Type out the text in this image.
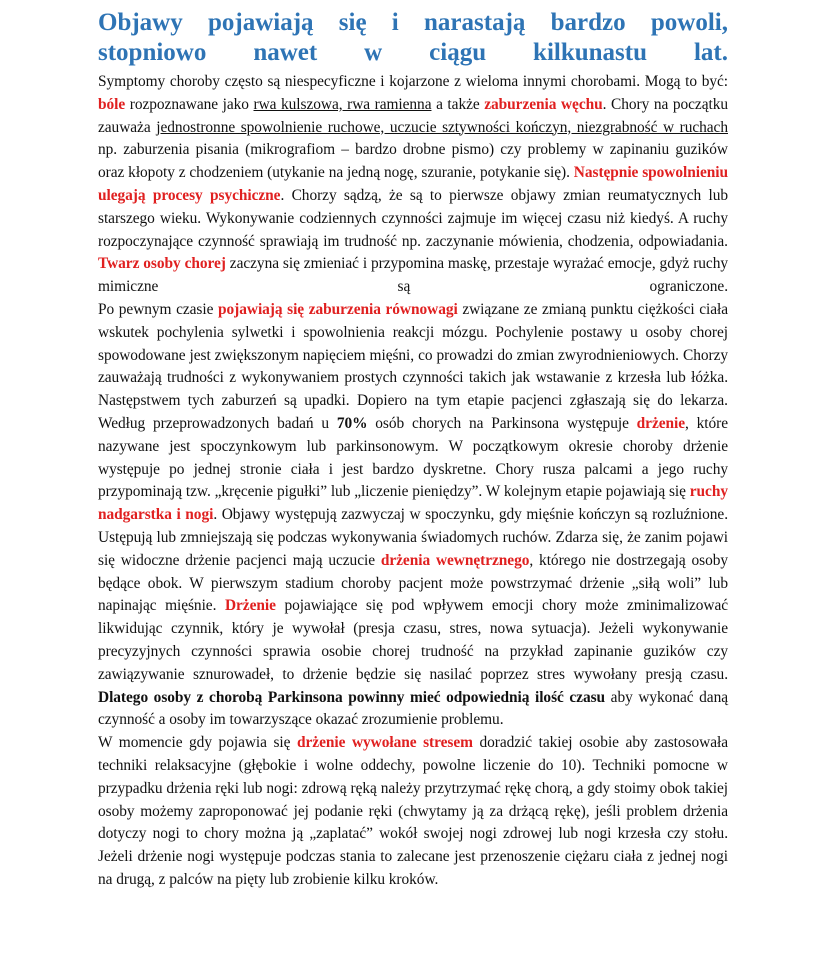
Objawy pojawiają się i narastają bardzo powoli,
stopniowo nawet w ciągu kilkunastu lat.
Symptomy choroby często są niespecyficzne i kojarzone z wieloma innymi chorobami. Mogą to być: bóle rozpoznawane jako rwa kulszowa, rwa ramienna a także zaburzenia węchu. Chory na początku zauważa jednostronne spowolnienie ruchowe, uczucie sztywności kończyn, niezgrabność w ruchach np. zaburzenia pisania (mikrografiom – bardzo drobne pismo) czy problemy w zapinaniu guzików oraz kłopoty z chodzeniem (utykanie na jedną nogę, szuranie, potykanie się). Następnie spowolnieniu ulegają procesy psychiczne. Chorzy sądzą, że są to pierwsze objawy zmian reumatycznych lub starszego wieku. Wykonywanie codziennych czynności zajmuje im więcej czasu niż kiedyś. A ruchy rozpoczynające czynność sprawiają im trudność np. zaczynanie mówienia, chodzenia, odpowiadania. Twarz osoby chorej zaczyna się zmieniać i przypomina maskę, przestaje wyrażać emocje, gdyż ruchy mimiczne są ograniczone.
Po pewnym czasie pojawiają się zaburzenia równowagi związane ze zmianą punktu ciężkości ciała wskutek pochylenia sylwetki i spowolnienia reakcji mózgu. Pochylenie postawy u osoby chorej spowodowane jest zwiększonym napięciem mięśni, co prowadzi do zmian zwyrodnieniowych. Chorzy zauważają trudności z wykonywaniem prostych czynności takich jak wstawanie z krzesła lub łóżka. Następstwem tych zaburzeń są upadki. Dopiero na tym etapie pacjenci zgłaszają się do lekarza.
Według przeprowadzonych badań u 70% osób chorych na Parkinsona występuje drżenie, które nazywane jest spoczynkowym lub parkinsonowym. W początkowym okresie choroby drżenie występuje po jednej stronie ciała i jest bardzo dyskretne. Chory rusza palcami a jego ruchy przypominają tzw. „kręcenie pigułki” lub „liczenie pieniędzy”. W kolejnym etapie pojawiają się ruchy nadgarstka i nogi. Objawy występują zazwyczaj w spoczynku, gdy mięśnie kończyn są rozluźnione. Ustępują lub zmniejszają się podczas wykonywania świadomych ruchów. Zdarza się, że zanim pojawi się widoczne drżenie pacjenci mają uczucie drżenia wewnętrznego, którego nie dostrzegają osoby będące obok. W pierwszym stadium choroby pacjent może powstrzymać drżenie „siłą woli” lub napinając mięśnie. Drżenie pojawiające się pod wpływem emocji chory może zminimalizować likwidując czynnik, który je wywołał (presja czasu, stres, nowa sytuacja). Jeżeli wykonywanie precyzyjnych czynności sprawia osobie chorej trudność na przykład zapinanie guzików czy zawiązywanie sznurowadeł, to drżenie będzie się nasilać poprzez stres wywołany presją czasu. Dlatego osoby z chorobą Parkinsona powinny mieć odpowiednią ilość czasu aby wykonać daną czynność a osoby im towarzyszące okazać zrozumienie problemu.
W momencie gdy pojawia się drżenie wywołane stresem doradzić takiej osobie aby zastosowała techniki relaksacyjne (głębokie i wolne oddechy, powolne liczenie do 10). Techniki pomocne w przypadku drżenia ręki lub nogi: zdrową ręką należy przytrzymać rękę chorą, a gdy stoimy obok takiej osoby możemy zaproponować jej podanie ręki (chwytamy ją za drżącą rękę), jeśli problem drżenia dotyczy nogi to chory można ją „zaplatać” wokół swojej nogi zdrowej lub nogi krzesła czy stołu. Jeżeli drżenie nogi występuje podczas stania to zalecane jest przenoszenie ciężaru ciała z jednej nogi na drugą, z palców na pięty lub zrobienie kilku kroków.
